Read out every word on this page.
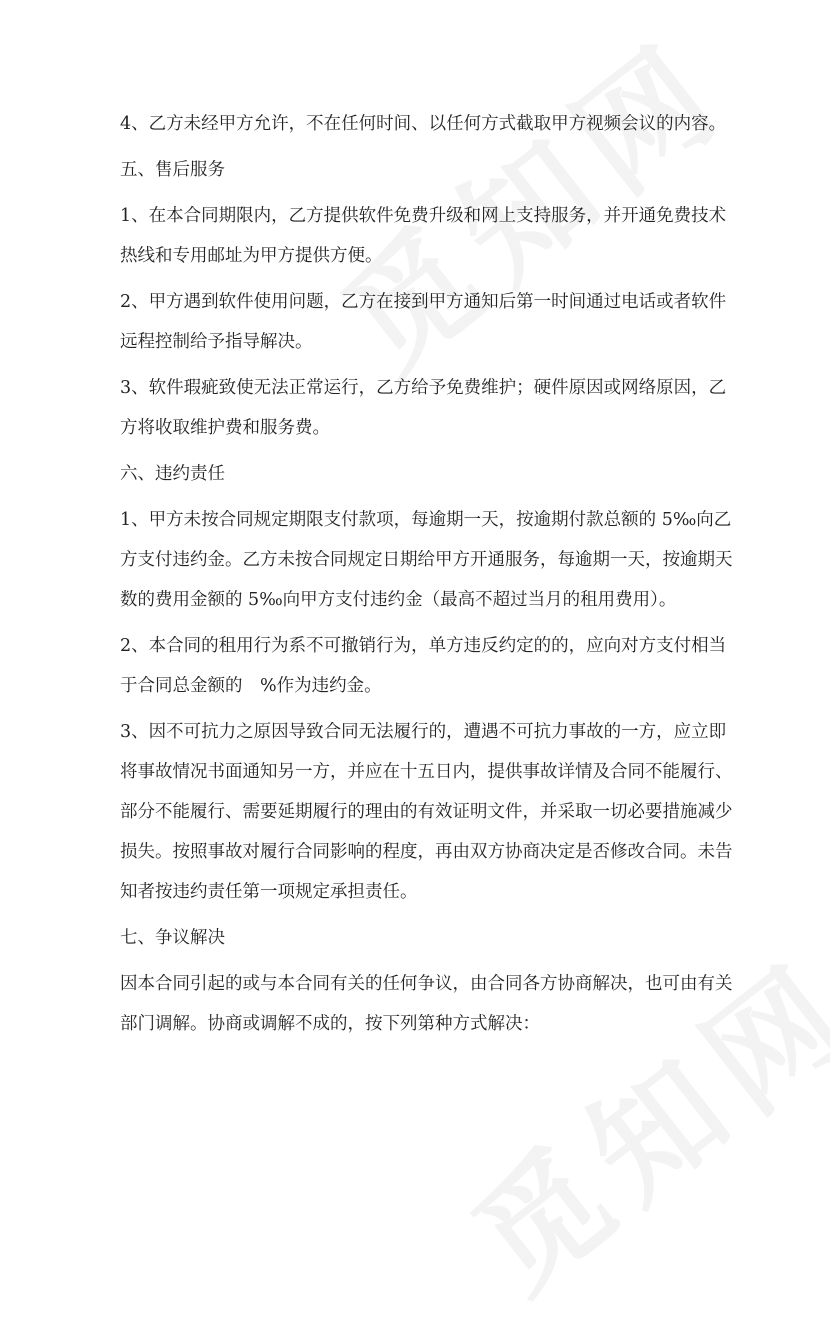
4、乙方未经甲方允许，不在任何时间、以任何方式截取甲方视频会议的内容。
五、售后服务
1、在本合同期限内，乙方提供软件免费升级和网上支持服务，并开通免费技术
热线和专用邮址为甲方提供方便。
2、甲方遇到软件使用问题，乙方在接到甲方通知后第一时间通过电话或者软件
远程控制给予指导解决。
3、软件瑕疵致使无法正常运行，乙方给予免费维护；硬件原因或网络原因，乙
方将收取维护费和服务费。
六、违约责任
1、甲方未按合同规定期限支付款项，每逾期一天，按逾期付款总额的 5‰向乙
方支付违约金。乙方未按合同规定日期给甲方开通服务，每逾期一天，按逾期天
数的费用金额的 5‰向甲方支付违约金（最高不超过当月的租用费用）。
2、本合同的租用行为系不可撤销行为，单方违反约定的的，应向对方支付相当
于合同总金额的　%作为违约金。
3、因不可抗力之原因导致合同无法履行的，遭遇不可抗力事故的一方，应立即
将事故情况书面通知另一方，并应在十五日内，提供事故详情及合同不能履行、
部分不能履行、需要延期履行的理由的有效证明文件，并采取一切必要措施减少
损失。按照事故对履行合同影响的程度，再由双方协商决定是否修改合同。未告
知者按违约责任第一项规定承担责任。
七、争议解决
因本合同引起的或与本合同有关的任何争议，由合同各方协商解决，也可由有关
部门调解。协商或调解不成的，按下列第种方式解决：
